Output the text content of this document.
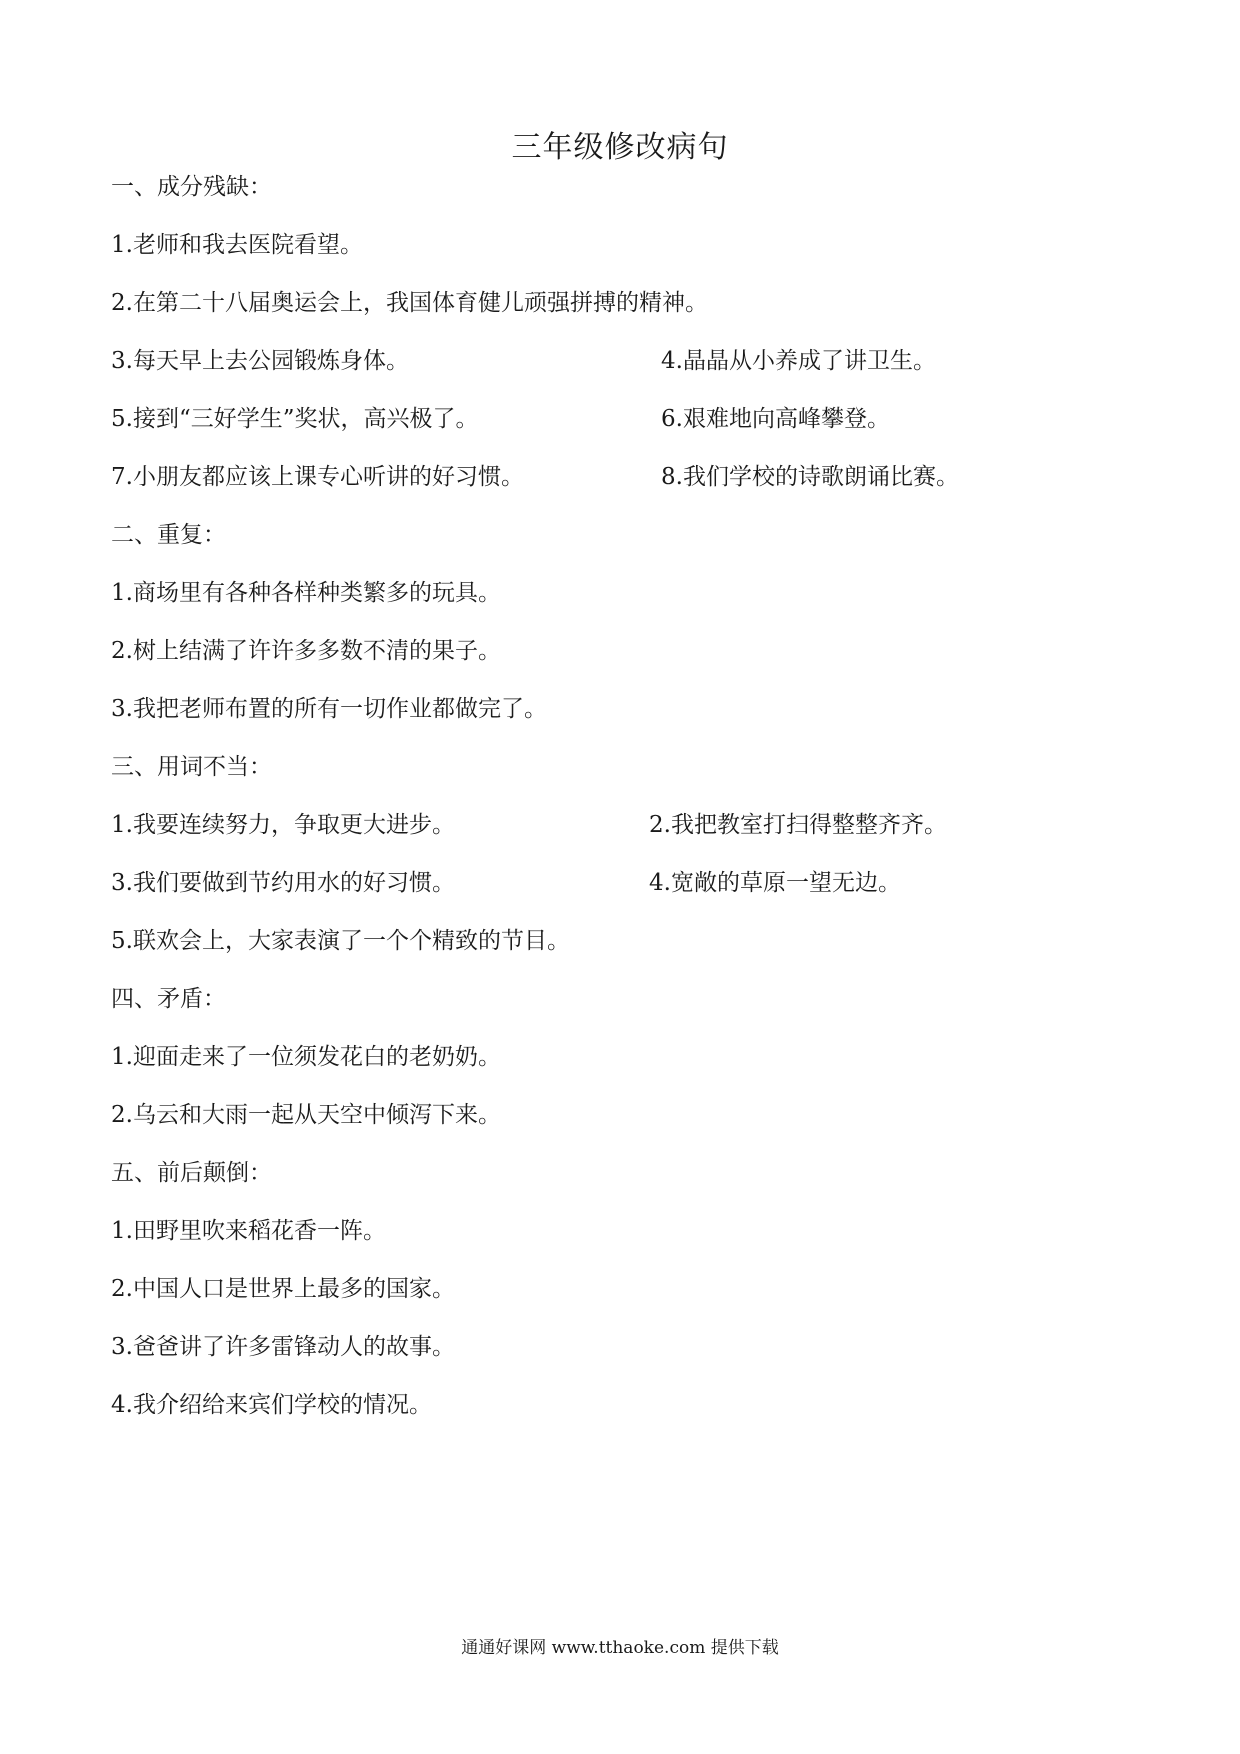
三年级修改病句
一、成分残缺：
1.老师和我去医院看望。
2.在第二十八届奥运会上，我国体育健儿顽强拼搏的精神。
3.每天早上去公园锻炼身体。	4.晶晶从小养成了讲卫生。
5.接到“三好学生”奖状，高兴极了。	6.艰难地向高峰攀登。
7.小朋友都应该上课专心听讲的好习惯。	8.我们学校的诗歌朗诵比赛。
二、重复：
1.商场里有各种各样种类繁多的玩具。
2.树上结满了许许多多数不清的果子。
3.我把老师布置的所有一切作业都做完了。
三、用词不当：
1.我要连续努力，争取更大进步。	2.我把教室打扫得整整齐齐。
3.我们要做到节约用水的好习惯。	4.宽敞的草原一望无边。
5.联欢会上，大家表演了一个个精致的节目。
四、矛盾：
1.迎面走来了一位须发花白的老奶奶。
2.乌云和大雨一起从天空中倾泻下来。
五、前后颠倒：
1.田野里吹来稻花香一阵。
2.中国人口是世界上最多的国家。
3.爸爸讲了许多雷锋动人的故事。
4.我介绍给来宾们学校的情况。
通通好课网 www.tthaoke.com 提供下载
